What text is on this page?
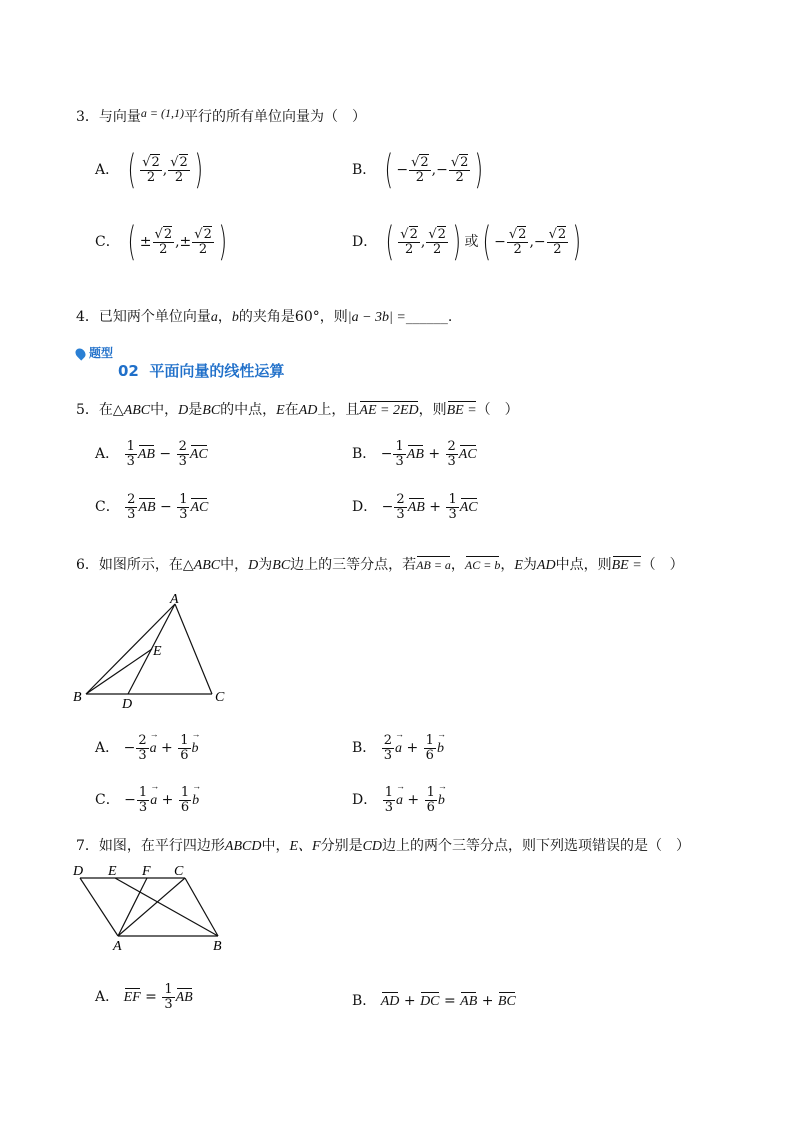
3．与向量a = (1,1)平行的所有单位向量为（　）
A． ( $\frac{√2}{2}$ , $\frac{√2}{2}$ )	B． ( − $\frac{√2}{2}$ ,− $\frac{√2}{2}$ )
C． ( ± $\frac{√2}{2}$ ,± $\frac{√2}{2}$ )	D． ( $\frac{√2}{2}$ , $\frac{√2}{2}$ ) 或( − $\frac{√2}{2}$ ,− $\frac{√2}{2}$ )
4．已知两个单位向量a，b的夹角是60°，则|a − 3b| =______.
题型
02 平面向量的线性运算
5．在△ABC中，D是BC的中点，E在AD上，且AE = 2ED，则BE =（　）
A． $\frac{1}{3}$ AB − $\frac{2}{3}$ AC	B． − $\frac{1}{3}$ AB + $\frac{2}{3}$ AC
C． $\frac{2}{3}$ AB − $\frac{1}{3}$ AC	D． − $\frac{2}{3}$ AB + $\frac{1}{3}$ AC
6．如图所示，在△ABC中，D为BC边上的三等分点，若AB = a，AC = b，E为AD中点，则BE =（　）
A
B	C
D
E
A． − $\frac{2}{3}$ a → + $\frac{1}{6}$ b →	B． $\frac{2}{3}$ a → + $\frac{1}{6}$ b →
C． − $\frac{1}{3}$ a → + $\frac{1}{6}$ b →	D． $\frac{1}{3}$ a → + $\frac{1}{6}$ b →
7．如图，在平行四边形ABCD中，E、F分别是CD边上的两个三等分点，则下列选项错误的是（　）
D E F C
A	B
A． EF = $\frac{1}{3}$ AB	B． AD + DC = AB + BC
